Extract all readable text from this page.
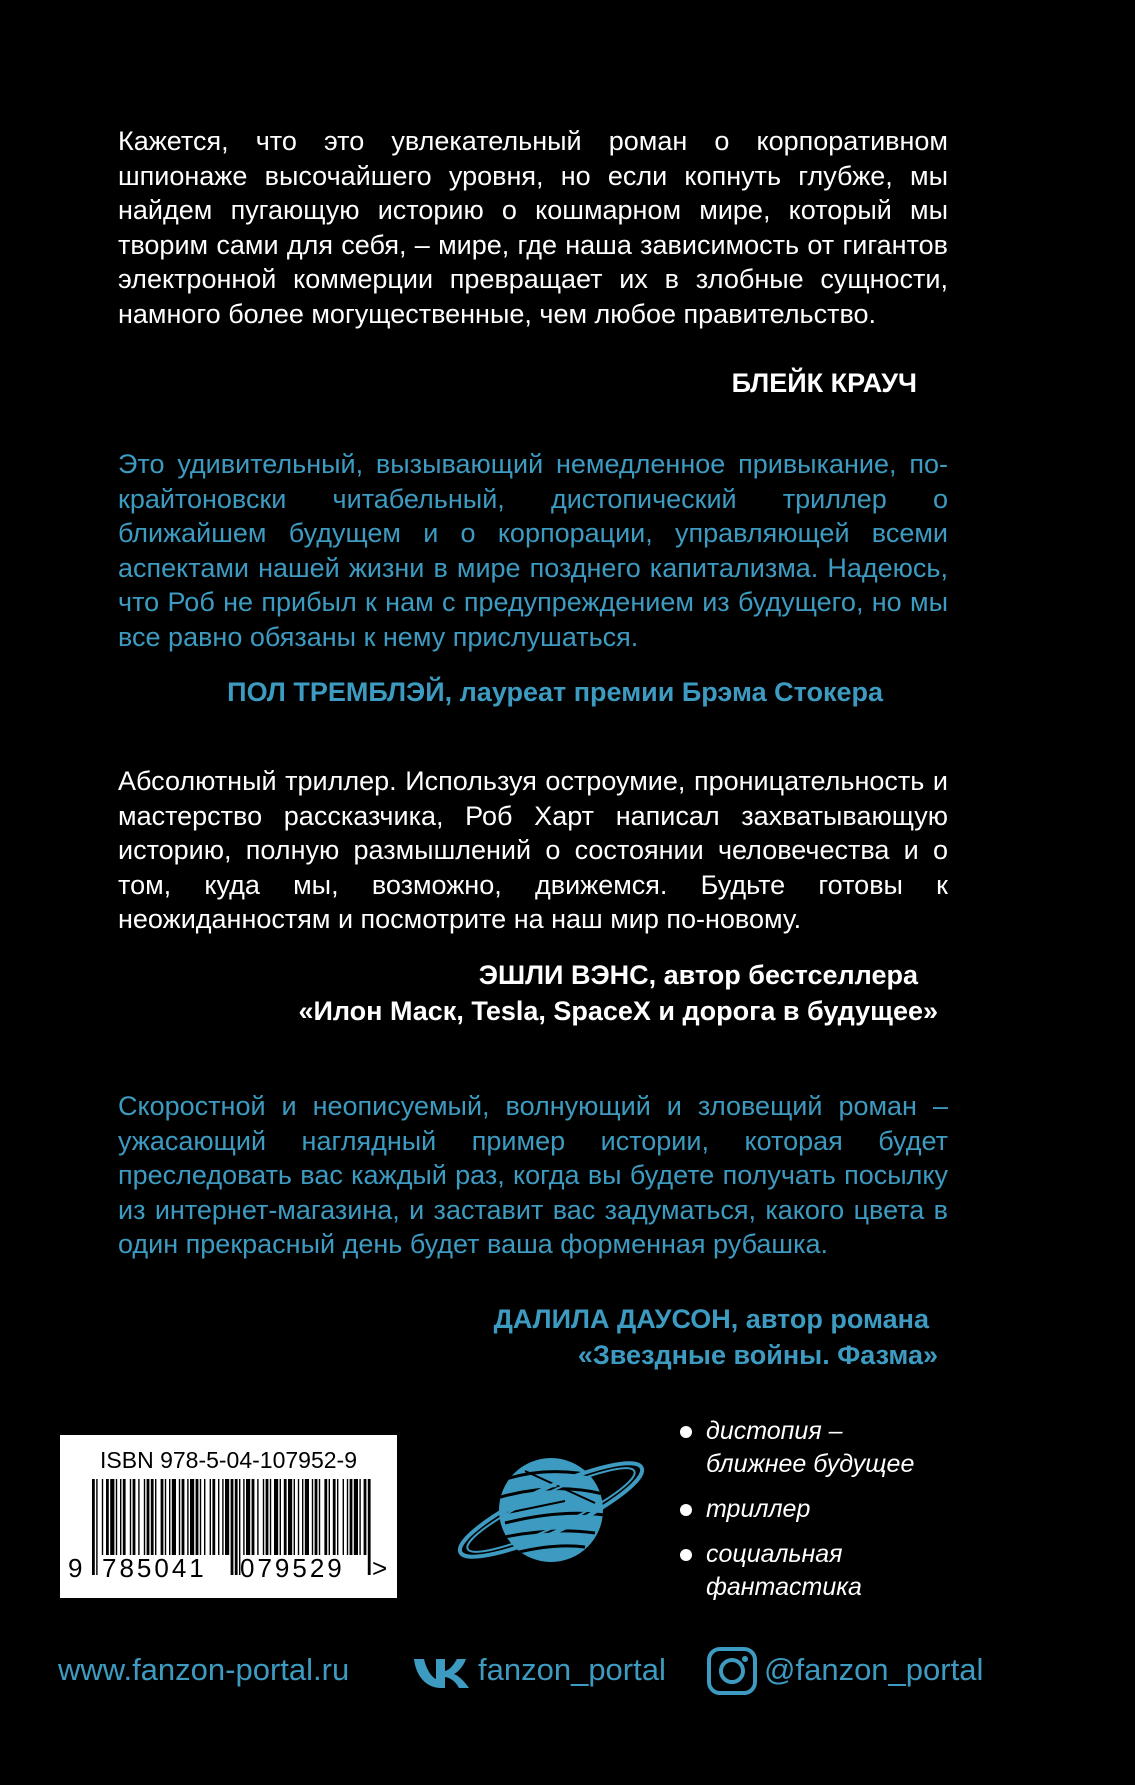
Кажется, что это увлекательный роман о корпоративном шпионаже высочайшего уровня, но если копнуть глубже, мы найдем пугающую историю о кошмарном мире, который мы творим сами для себя, – мире, где наша зависимость от гигантов электронной коммерции превращает их в злобные сущности, намного более могущественные, чем любое правительство.

БЛЕЙК КРАУЧ

Это удивительный, вызывающий немедленное привыкание, по-крайтоновски читабельный, дистопический триллер о ближайшем будущем и о корпорации, управляющей всеми аспектами нашей жизни в мире позднего капитализма. Надеюсь, что Роб не прибыл к нам с предупреждением из будущего, но мы все равно обязаны к нему прислушаться.

ПОЛ ТРЕМБЛЭЙ, лауреат премии Брэма Стокера

Абсолютный триллер. Используя остроумие, проницательность и мастерство рассказчика, Роб Харт написал захватывающую историю, полную размышлений о состоянии человечества и о том, куда мы, возможно, движемся. Будьте готовы к неожиданностям и посмотрите на наш мир по-новому.

ЭШЛИ ВЭНС, автор бестселлера
«Илон Маск, Tesla, SpaceX и дорога в будущее»

Скоростной и неописуемый, волнующий и зловещий роман – ужасающий наглядный пример истории, которая будет преследовать вас каждый раз, когда вы будете получать посылку из интернет-магазина, и заставит вас задуматься, какого цвета в один прекрасный день будет ваша форменная рубашка.

ДАЛИЛА ДАУСОН, автор романа
«Звездные войны. Фазма»
ISBN 978-5-04-107952-9
9 785041 079529 >
дистопия –
ближнее будущее
триллер
социальная
фантастика
www.fanzon-portal.ru	fanzon_portal	@fanzon_portal
